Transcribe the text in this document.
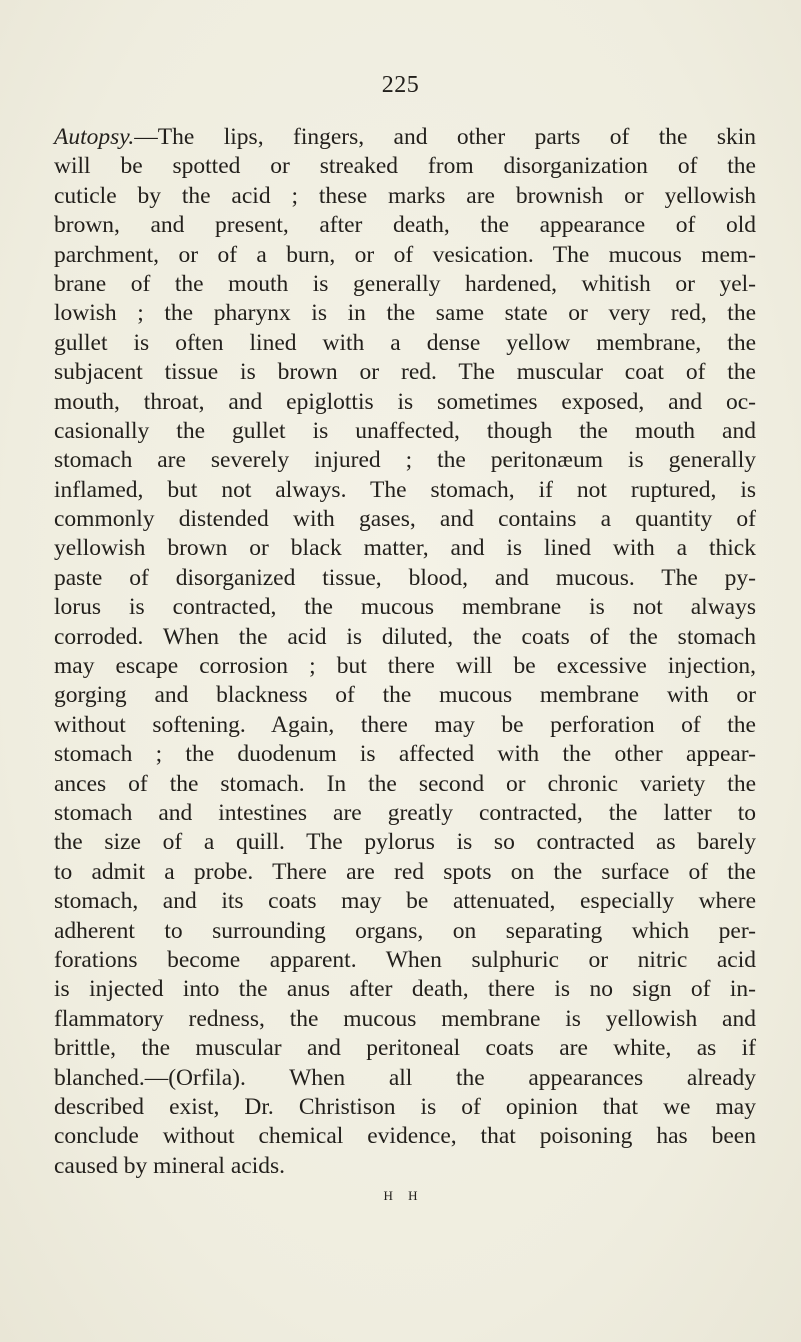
225
Autopsy.—The lips, fingers, and other parts of the skin
will be spotted or streaked from disorganization of the
cuticle by the acid ; these marks are brownish or yellowish
brown, and present, after death, the appearance of old
parchment, or of a burn, or of vesication. The mucous mem-
brane of the mouth is generally hardened, whitish or yel-
lowish ; the pharynx is in the same state or very red, the
gullet is often lined with a dense yellow membrane, the
subjacent tissue is brown or red. The muscular coat of the
mouth, throat, and epiglottis is sometimes exposed, and oc-
casionally the gullet is unaffected, though the mouth and
stomach are severely injured ; the peritonæum is generally
inflamed, but not always. The stomach, if not ruptured, is
commonly distended with gases, and contains a quantity of
yellowish brown or black matter, and is lined with a thick
paste of disorganized tissue, blood, and mucous. The py-
lorus is contracted, the mucous membrane is not always
corroded. When the acid is diluted, the coats of the stomach
may escape corrosion ; but there will be excessive injection,
gorging and blackness of the mucous membrane with or
without softening. Again, there may be perforation of the
stomach ; the duodenum is affected with the other appear-
ances of the stomach. In the second or chronic variety the
stomach and intestines are greatly contracted, the latter to
the size of a quill. The pylorus is so contracted as barely
to admit a probe. There are red spots on the surface of the
stomach, and its coats may be attenuated, especially where
adherent to surrounding organs, on separating which per-
forations become apparent. When sulphuric or nitric acid
is injected into the anus after death, there is no sign of in-
flammatory redness, the mucous membrane is yellowish and
brittle, the muscular and peritoneal coats are white, as if
blanched.—(Orfila). When all the appearances already
described exist, Dr. Christison is of opinion that we may
conclude without chemical evidence, that poisoning has been
caused by mineral acids.
H H
